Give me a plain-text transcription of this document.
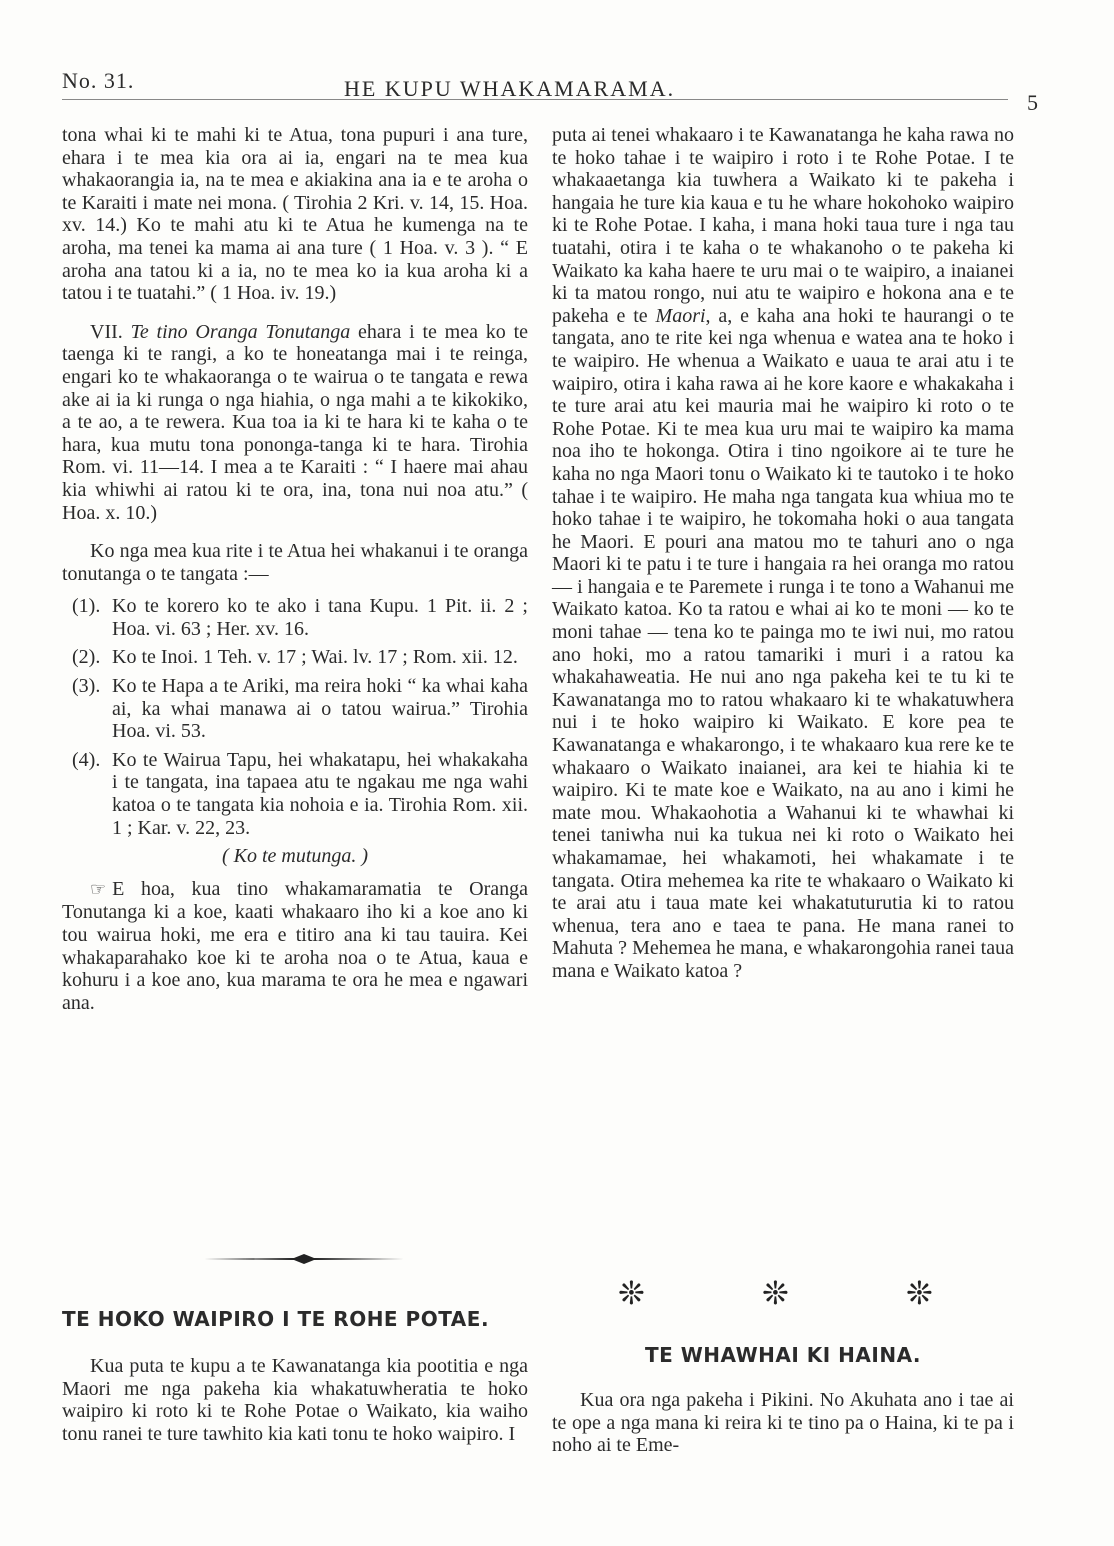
No. 31.	HE KUPU WHAKAMARAMA.
5

tona whai ki te mahi ki te Atua, tona pupuri i ana ture, ehara i te mea kia ora ai ia, engari na te mea kua whakaorangia ia, na te mea e akiakina ana ia e te aroha o te Karaiti i mate nei mona. ( Tirohia 2 Kri. v. 14, 15. Hoa. xv. 14.) Ko te mahi atu ki te Atua he kumenga na te aroha, ma tenei ka mama ai ana ture ( 1 Hoa. v. 3 ). “ E aroha ana tatou ki a ia, no te mea ko ia kua aroha ki a tatou i te tuatahi.” ( 1 Hoa. iv. 19.)

VII. Te tino Oranga Tonutanga ehara i te mea ko te taenga ki te rangi, a ko te honeatanga mai i te reinga, engari ko te whakaoranga o te wairua o te tangata e rewa ake ai ia ki runga o nga hiahia, o nga mahi a te kikokiko, a te ao, a te rewera. Kua toa ia ki te hara ki te kaha o te hara, kua mutu tona pononga-tanga ki te hara. Tirohia Rom. vi. 11—14. I mea a te Karaiti : “ I haere mai ahau kia whiwhi ai ratou ki te ora, ina, tona nui noa atu.” ( Hoa. x. 10.)

Ko nga mea kua rite i te Atua hei whakanui i te oranga tonutanga o te tangata :—

(1). Ko te korero ko te ako i tana Kupu. 1 Pit. ii. 2 ; Hoa. vi. 63 ; Her. xv. 16.
(2). Ko te Inoi. 1 Teh. v. 17 ; Wai. lv. 17 ; Rom. xii. 12.
(3). Ko te Hapa a te Ariki, ma reira hoki “ ka whai kaha ai, ka whai manawa ai o tatou wairua.” Tirohia Hoa. vi. 53.
(4). Ko te Wairua Tapu, hei whakatapu, hei whakakaha i te tangata, ina tapaea atu te ngakau me nga wahi katoa o te tangata kia nohoia e ia. Tirohia Rom. xii. 1 ; Kar. v. 22, 23.

( Ko te mutunga. )

☞ E hoa, kua tino whakamaramatia te Oranga Tonutanga ki a koe, kaati whakaaro iho ki a koe ano ki tou wairua hoki, me era e titiro ana ki tau tauira. Kei whakaparahako koe ki te aroha noa o te Atua, kaua e kohuru i a koe ano, kua marama te ora he mea e ngawari ana.

TE HOKO WAIPIRO I TE ROHE POTAE.

Kua puta te kupu a te Kawanatanga kia pootitia e nga Maori me nga pakeha kia whakatuwheratia te hoko waipiro ki roto ki te Rohe Potae o Waikato, kia waiho tonu ranei te ture tawhito kia kati tonu te hoko waipiro. I

puta ai tenei whakaaro i te Kawanatanga he kaha rawa no te hoko tahae i te waipiro i roto i te Rohe Potae. I te whakaaetanga kia tuwhera a Waikato ki te pakeha i hangaia he ture kia kaua e tu he whare hokohoko waipiro ki te Rohe Potae. I kaha, i mana hoki taua ture i nga tau tuatahi, otira i te kaha o te whakanoho o te pakeha ki Waikato ka kaha haere te uru mai o te waipiro, a inaianei ki ta matou rongo, nui atu te waipiro e hokona ana e te pakeha e te Maori, a, e kaha ana hoki te haurangi o te tangata, ano te rite kei nga whenua e watea ana te hoko i te waipiro. He whenua a Waikato e uaua te arai atu i te waipiro, otira i kaha rawa ai he kore kaore e whakakaha i te ture arai atu kei mauria mai he waipiro ki roto o te Rohe Potae. Ki te mea kua uru mai te waipiro ka mama noa iho te hokonga. Otira i tino ngoikore ai te ture he kaha no nga Maori tonu o Waikato ki te tautoko i te hoko tahae i te waipiro. He maha nga tangata kua whiua mo te hoko tahae i te waipiro, he tokomaha hoki o aua tangata he Maori. E pouri ana matou mo te tahuri ano o nga Maori ki te patu i te ture i hangaia ra hei oranga mo ratou — i hangaia e te Paremete i runga i te tono a Wahanui me Waikato katoa. Ko ta ratou e whai ai ko te moni — ko te moni tahae — tena ko te painga mo te iwi nui, mo ratou ano hoki, mo a ratou tamariki i muri i a ratou ka whakahaweatia. He nui ano nga pakeha kei te tu ki te Kawanatanga mo to ratou whakaaro ki te whakatuwhera nui i te hoko waipiro ki Waikato. E kore pea te Kawanatanga e whakarongo, i te whakaaro kua rere ke te whakaaro o Waikato inaianei, ara kei te hiahia ki te waipiro. Ki te mate koe e Waikato, na au ano i kimi he mate mou. Whakaohotia a Wahanui ki te whawhai ki tenei taniwha nui ka tukua nei ki roto o Waikato hei whakamamae, hei whakamoti, hei whakamate i te tangata. Otira mehemea ka rite te whakaaro o Waikato ki te arai atu i taua mate kei whakatuturutia ki to ratou whenua, tera ano e taea te pana. He mana ranei to Mahuta ? Mehemea he mana, e whakarongohia ranei taua mana e Waikato katoa ?

❊	❊	❊
TE WHAWHAI KI HAINA.

Kua ora nga pakeha i Pikini. No Akuhata ano i tae ai te ope a nga mana ki reira ki te tino pa o Haina, ki te pa i noho ai te Eme-
